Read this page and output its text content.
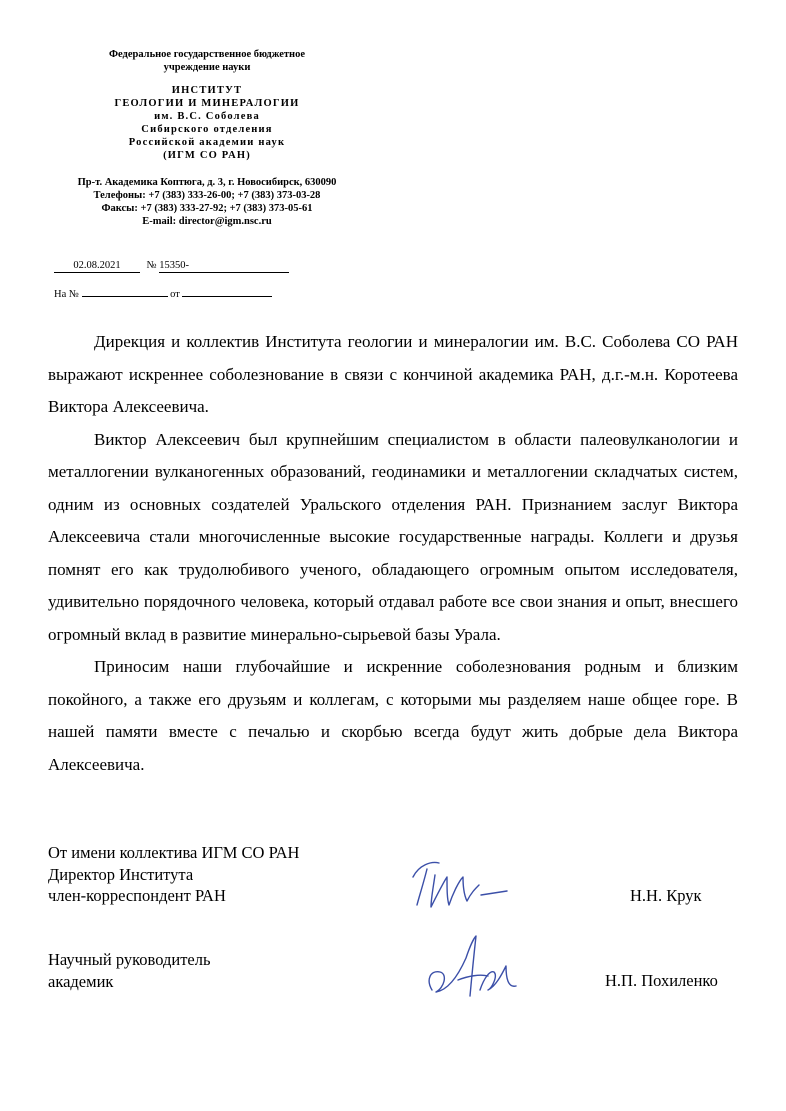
Федеральное государственное бюджетное
учреждение науки
ИНСТИТУТ
ГЕОЛОГИИ И МИНЕРАЛОГИИ
им. В.С. Соболева
Сибирского отделения
Российской академии наук
(ИГМ СО РАН)
Пр-т. Академика Коптюга, д. 3, г. Новосибирск, 630090
Телефоны: +7 (383) 333-26-00; +7 (383) 373-03-28
Факсы: +7 (383) 333-27-92; +7 (383) 373-05-61
E-mail: director@igm.nsc.ru
02.08.2021 № 15350-
На №	от

Дирекция и коллектив Института геологии и минералогии им. В.С. Соболева СО РАН выражают искреннее соболезнование в связи с кончиной академика РАН, д.г.-м.н. Коротеева Виктора Алексеевича.

Виктор Алексеевич был крупнейшим специалистом в области палеовулканологии и металлогении вулканогенных образований, геодинамики и металлогении складчатых систем, одним из основных создателей Уральского отделения РАН. Признанием заслуг Виктора Алексеевича стали многочисленные высокие государственные награды. Коллеги и друзья помнят его как трудолюбивого ученого, обладающего огромным опытом исследователя, удивительно порядочного человека, который отдавал работе все свои знания и опыт, внесшего огромный вклад в развитие минерально-сырьевой базы Урала.

Приносим наши глубочайшие и искренние соболезнования родным и близким покойного, а также его друзьям и коллегам, с которыми мы разделяем наше общее горе. В нашей памяти вместе с печалью и скорбью всегда будут жить добрые дела Виктора Алексеевича.

От имени коллектива ИГМ СО РАН
Директор Института
член-корреспондент РАН	Н.Н. Крук
Научный руководитель
академик	Н.П. Похиленко
